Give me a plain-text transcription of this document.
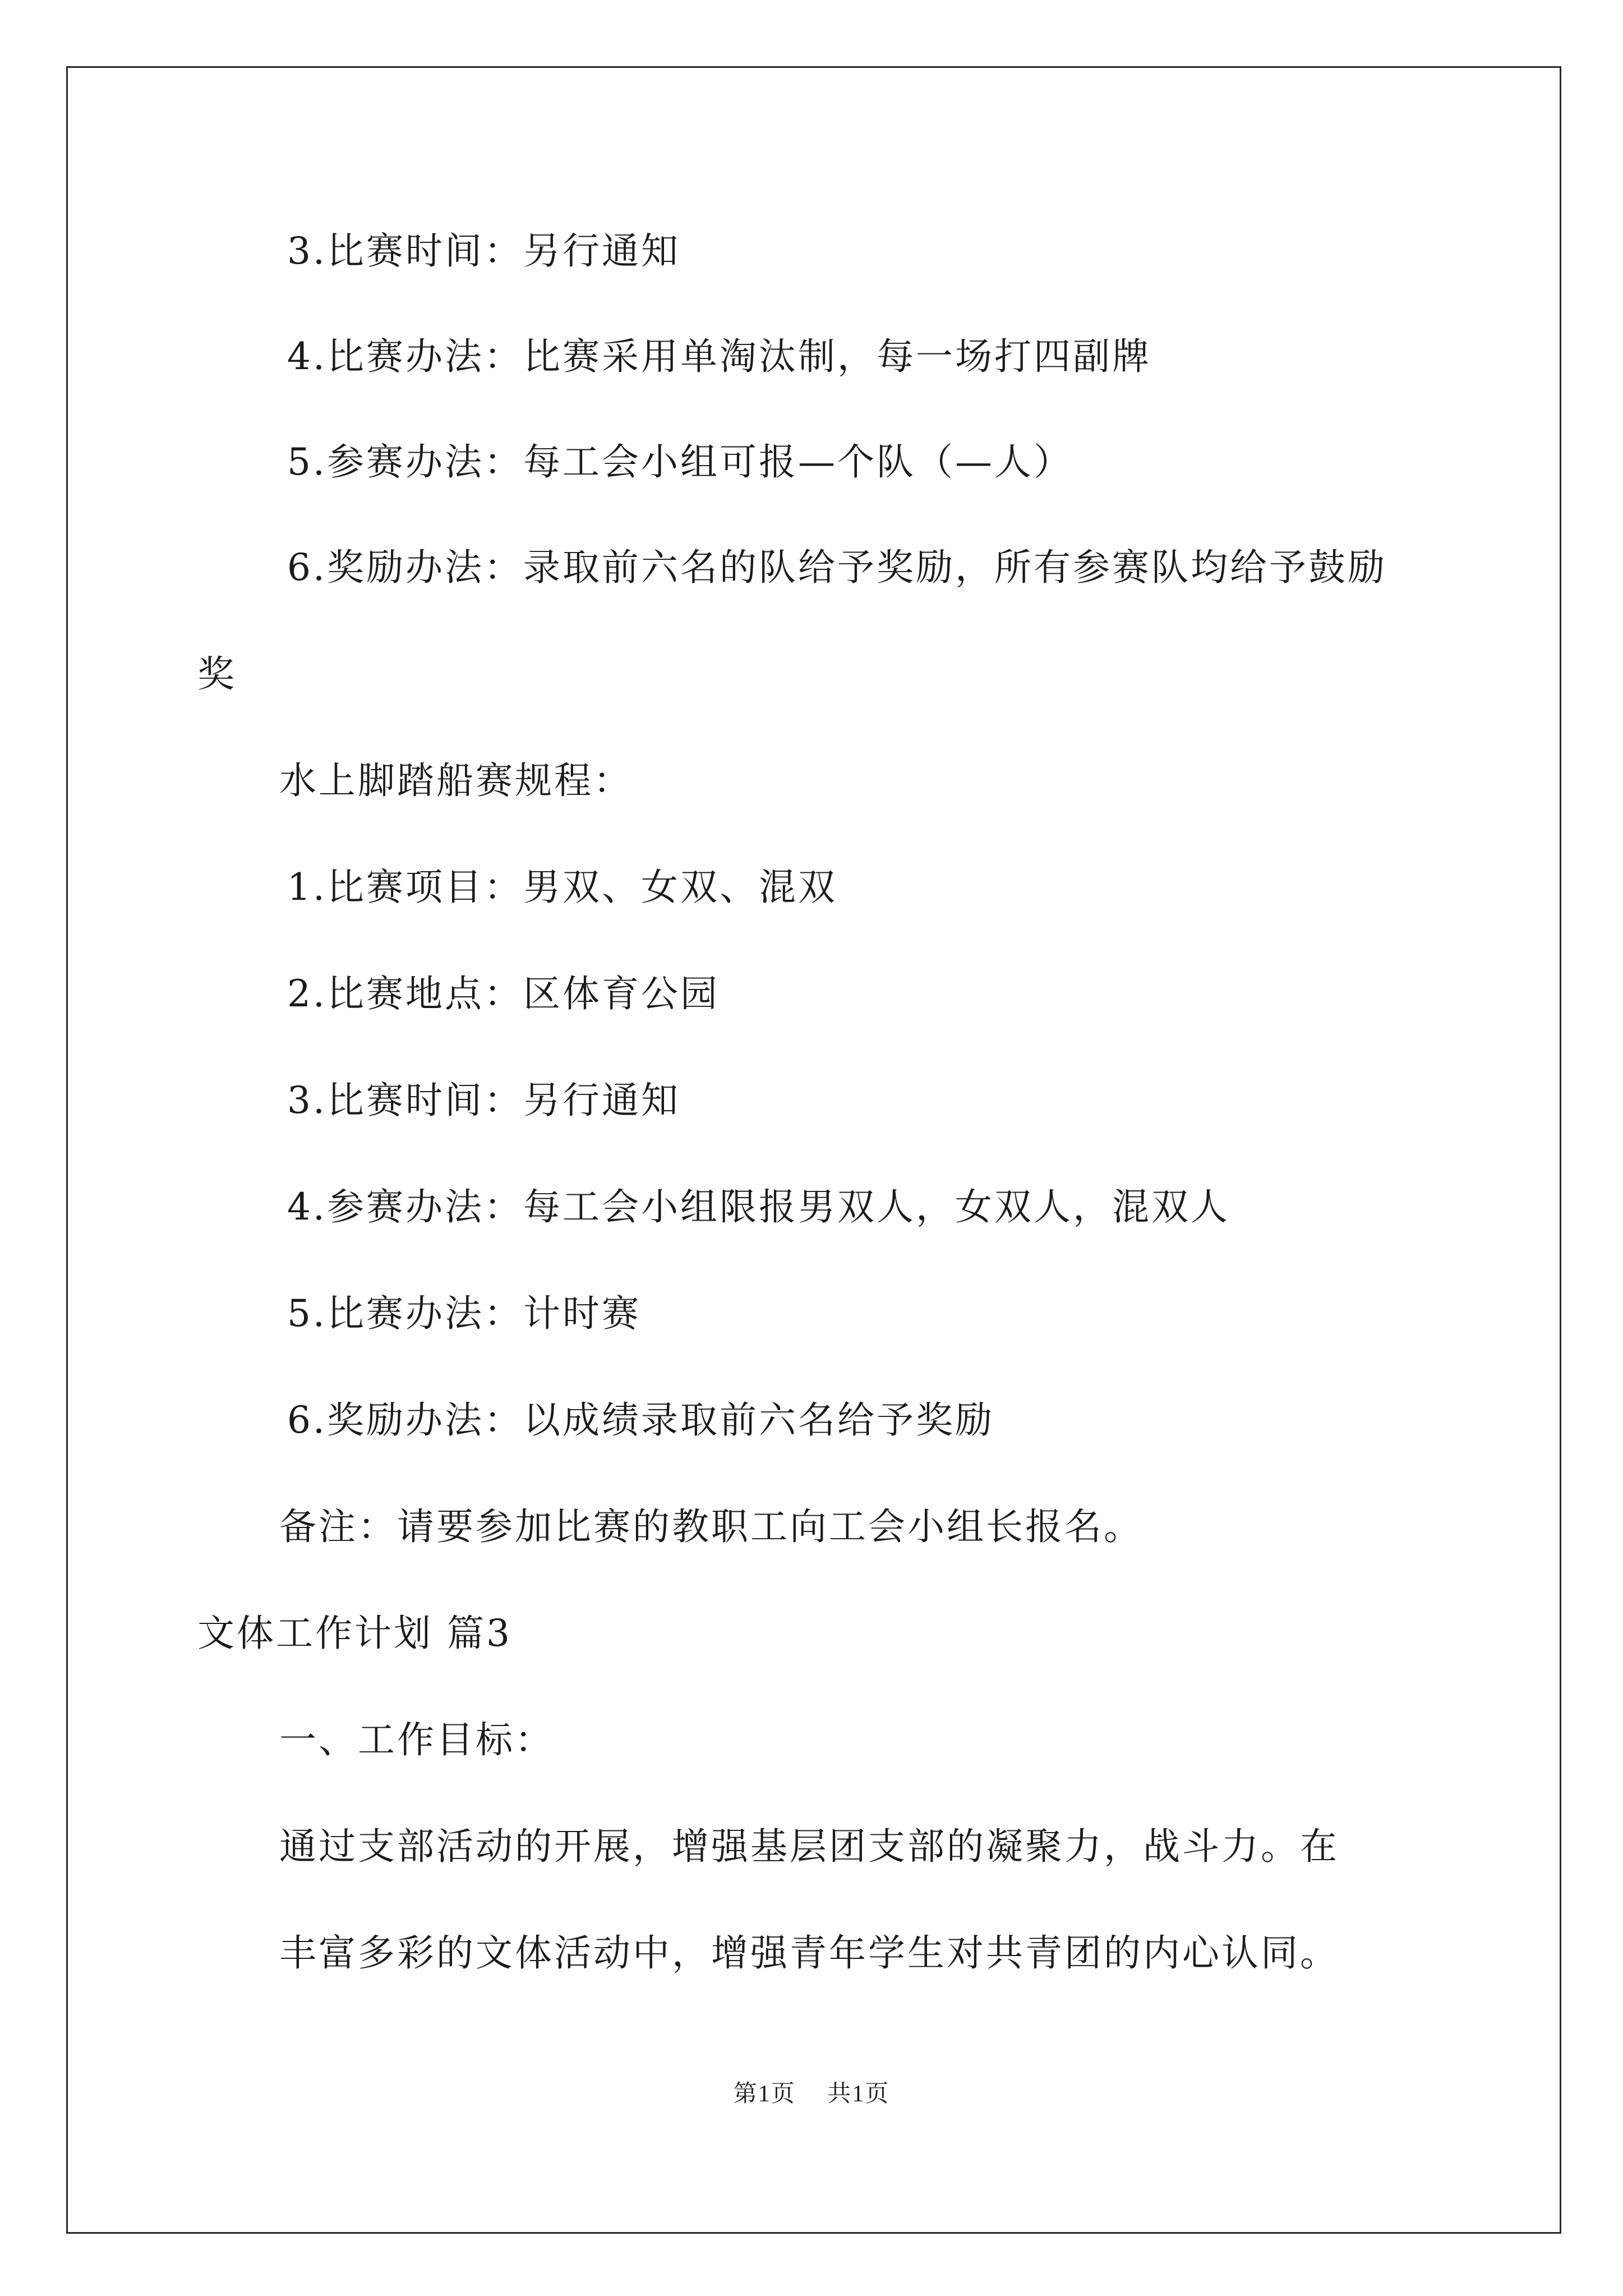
3.比赛时间：另行通知
4.比赛办法：比赛采用单淘汰制，每一场打四副牌
5.参赛办法：每工会小组可报—个队（—人）
6.奖励办法：录取前六名的队给予奖励，所有参赛队均给予鼓励
奖
水上脚踏船赛规程：
1.比赛项目：男双、女双、混双
2.比赛地点：区体育公园
3.比赛时间：另行通知
4.参赛办法：每工会小组限报男双人，女双人，混双人
5.比赛办法：计时赛
6.奖励办法：以成绩录取前六名给予奖励
备注：请要参加比赛的教职工向工会小组长报名。
文体工作计划 篇3
一、工作目标：
通过支部活动的开展，增强基层团支部的凝聚力，战斗力。在
丰富多彩的文体活动中，增强青年学生对共青团的内心认同。
第1页 共1页
